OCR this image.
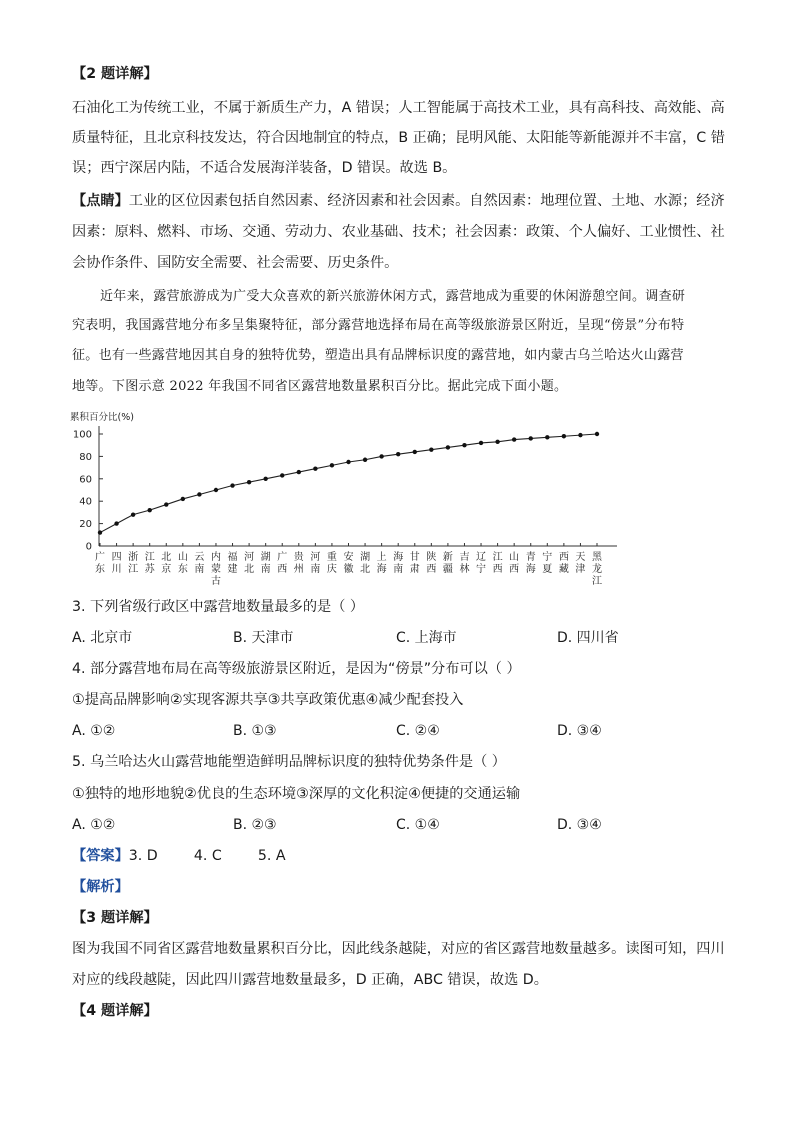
【2 题详解】
石油化工为传统工业，不属于新质生产力，A 错误；人工智能属于高技术工业，具有高科技、高效能、高
质量特征，且北京科技发达，符合因地制宜的特点，B 正确；昆明风能、太阳能等新能源并不丰富，C 错
误；西宁深居内陆，不适合发展海洋装备，D 错误。故选 B。
【点睛】工业的区位因素包括自然因素、经济因素和社会因素。自然因素：地理位置、土地、水源；经济
因素：原料、燃料、市场、交通、劳动力、农业基础、技术；社会因素：政策、个人偏好、工业惯性、社
会协作条件、国防安全需要、社会需要、历史条件。
近年来，露营旅游成为广受大众喜欢的新兴旅游休闲方式，露营地成为重要的休闲游憩空间。调查研
究表明，我国露营地分布多呈集聚特征，部分露营地选择布局在高等级旅游景区附近，呈现“傍景”分布特
征。也有一些露营地因其自身的独特优势，塑造出具有品牌标识度的露营地，如内蒙古乌兰哈达火山露营
地等。下图示意 2022 年我国不同省区露营地数量累积百分比。据此完成下面小题。
累积百分比(%)
0
20
40
60
80
100
广东
四川
浙江
江苏
北京
山东
云南
内蒙古
福建
河北
湖南
广西
贵州
河南
重庆
安徽
湖北
上海
海南
甘肃
陕西
新疆
吉林
辽宁
江西
山西
青海
宁夏
西藏
天津
黑龙江
3. 下列省级行政区中露营地数量最多的是（ ）
A. 北京市	B. 天津市	C. 上海市	D. 四川省
4. 部分露营地布局在高等级旅游景区附近，是因为“傍景”分布可以（ ）
①提高品牌影响②实现客源共享③共享政策优惠④减少配套投入
A. ①②	B. ①③	C. ②④	D. ③④
5. 乌兰哈达火山露营地能塑造鲜明品牌标识度的独特优势条件是（ ）
①独特的地形地貌②优良的生态环境③深厚的文化积淀④便捷的交通运输
A. ①②	B. ②③	C. ①④	D. ③④
【答案】3. D        4. C        5. A
【解析】
【3 题详解】
图为我国不同省区露营地数量累积百分比，因此线条越陡，对应的省区露营地数量越多。读图可知，四川
对应的线段越陡，因此四川露营地数量最多，D 正确，ABC 错误，故选 D。
【4 题详解】
